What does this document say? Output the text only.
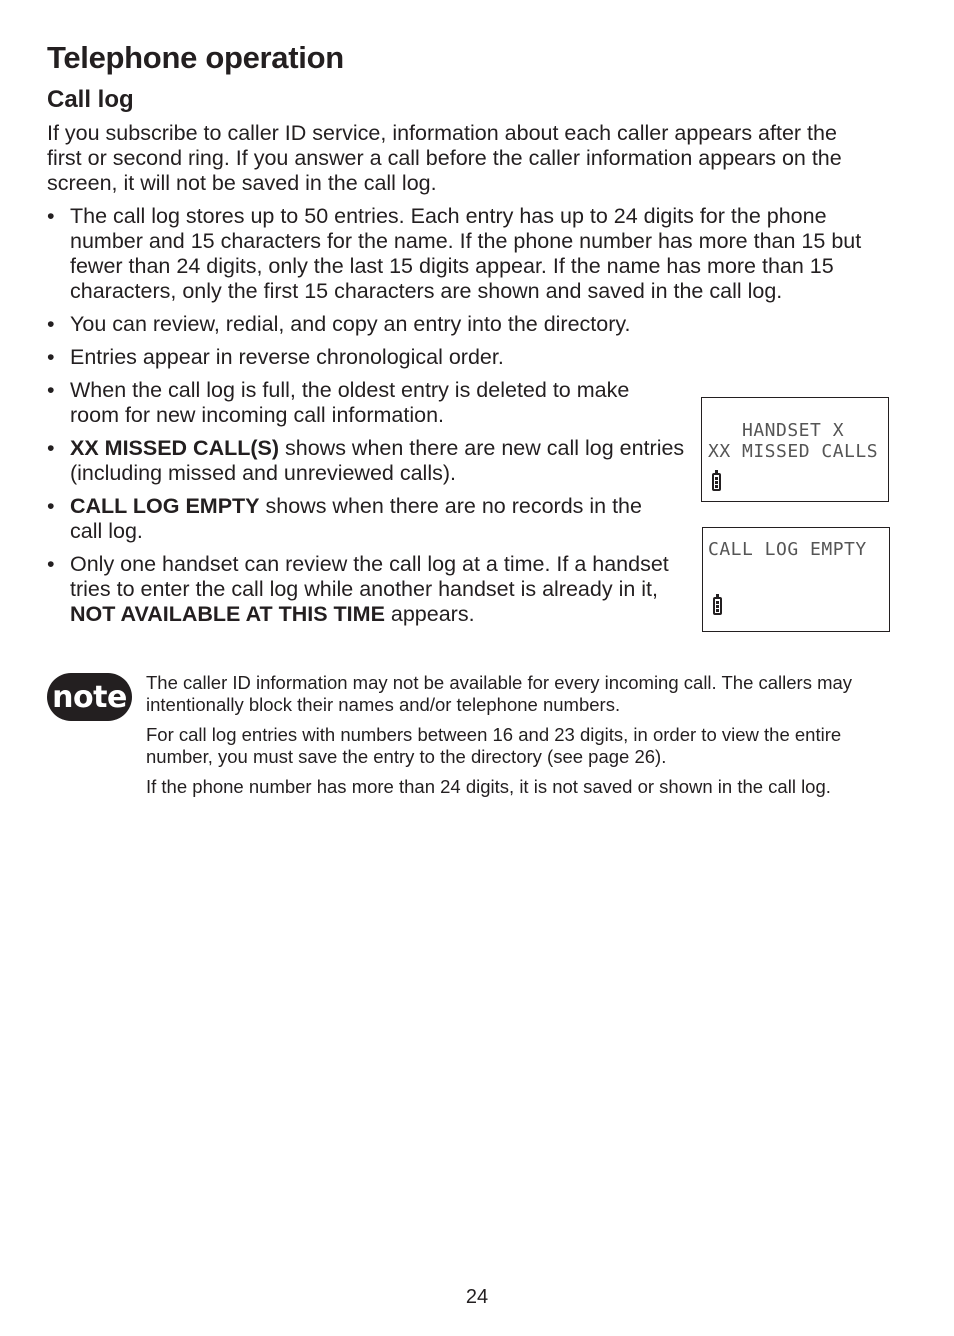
Telephone operation
Call log

If you subscribe to caller ID service, information about each caller appears after the first or second ring. If you answer a call before the caller information appears on the screen, it will not be saved in the call log.

• The call log stores up to 50 entries. Each entry has up to 24 digits for the phone number and 15 characters for the name. If the phone number has more than 15 but fewer than 24 digits, only the last 15 digits appear. If the name has more than 15 characters, only the first 15 characters are shown and saved in the call log.
• You can review, redial, and copy an entry into the directory.
• Entries appear in reverse chronological order.
• When the call log is full, the oldest entry is deleted to make room for new incoming call information.
• XX MISSED CALL(S) shows when there are new call log entries (including missed and unreviewed calls).
• CALL LOG EMPTY shows when there are no records in the call log.
• Only one handset can review the call log at a time. If a handset tries to enter the call log while another handset is already in it, NOT AVAILABLE AT THIS TIME appears.
HANDSET X
XX MISSED CALLS
CALL LOG EMPTY
note The caller ID information may not be available for every incoming call. The callers may intentionally block their names and/or telephone numbers.

For call log entries with numbers between 16 and 23 digits, in order to view the entire number, you must save the entry to the directory (see page 26).

If the phone number has more than 24 digits, it is not saved or shown in the call log.

24
